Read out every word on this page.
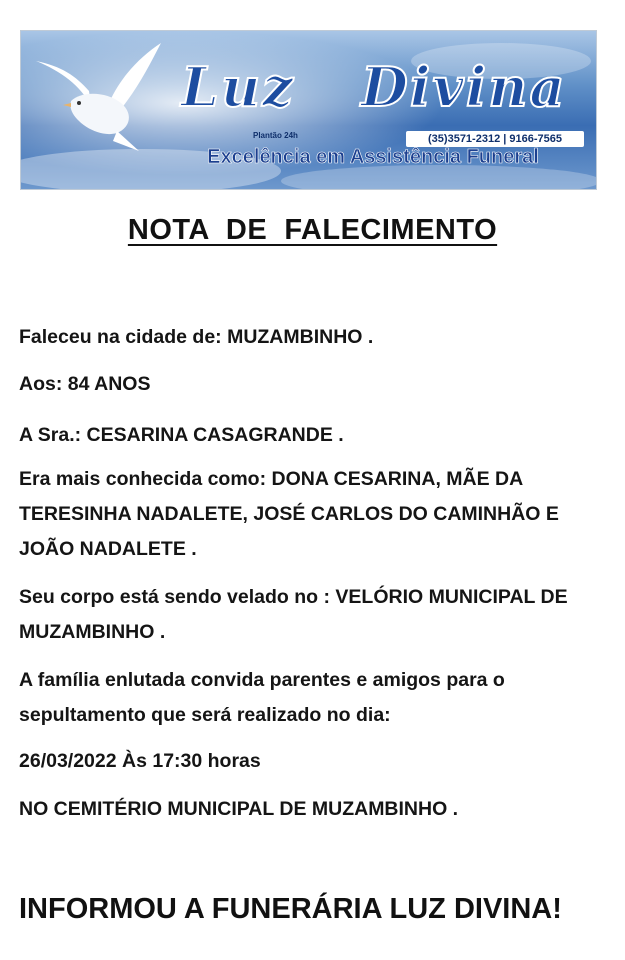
Luz
Plantão 24h
Divina
(35)3571-2312 | 9166-7565
Excelência em Assistência Funeral
NOTA  DE  FALECIMENTO
Faleceu na cidade de: MUZAMBINHO .
Aos: 84 ANOS
A Sra.: CESARINA CASAGRANDE .
Era mais conhecida como: DONA CESARINA, MÃE DA TERESINHA NADALETE, JOSÉ CARLOS DO CAMINHÃO E JOÃO NADALETE .
Seu corpo está sendo velado no : VELÓRIO MUNICIPAL DE MUZAMBINHO .
A família enlutada convida parentes e amigos para o sepultamento que será realizado no dia:
26/03/2022 Às 17:30 horas
NO CEMITÉRIO MUNICIPAL DE MUZAMBINHO .
INFORMOU A FUNERÁRIA LUZ DIVINA!
